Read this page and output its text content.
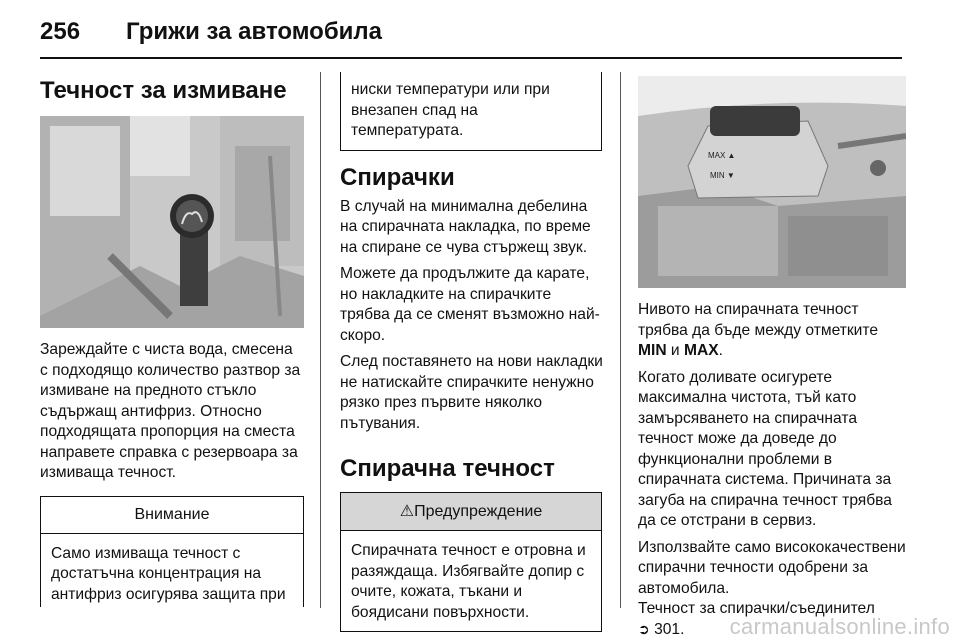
256 Грижи за автомобила
Течност за измиване

Зареждайте с чиста вода, смесена с подходящо количество разтвор за измиване на предното стъкло съдържащ антифриз. Относно подходящата пропорция на сместа направете справка с резервоара за измиваща течност.

Внимание

Само измиваща течност с достатъчна концентрация на антифриз осигурява защита при

ниски температури или при внезапен спад на температурата.

Спирачки

В случай на минимална дебелина на спирачната накладка, по време на спиране се чува стържещ звук.

Можете да продължите да карате, но накладките на спирачките трябва да се сменят възможно най-скоро.

След поставянето на нови накладки не натискайте спирачките ненужно рязко през първите няколко пътувания.

Спирачна течност
⚠Предупреждение

Спирачната течност е отровна и разяждаща. Избягвайте допир с очите, кожата, тъкани и боядисани повърхности.

MAX ▲
MIN ▼

Нивото на спирачната течност трябва да бъде между отметките MIN и MAX.

Когато доливате осигурете максимална чистота, тъй като замърсяването на спирачната течност може да доведе до функционални проблеми в спирачната система. Причината за загуба на спирачна течност трябва да се отстрани в сервиз.

Използвайте само висококачествени спирачни течности одобрени за автомобила.

Течност за спирачки/съединител
➲ 301.	carmanualsonline.info
